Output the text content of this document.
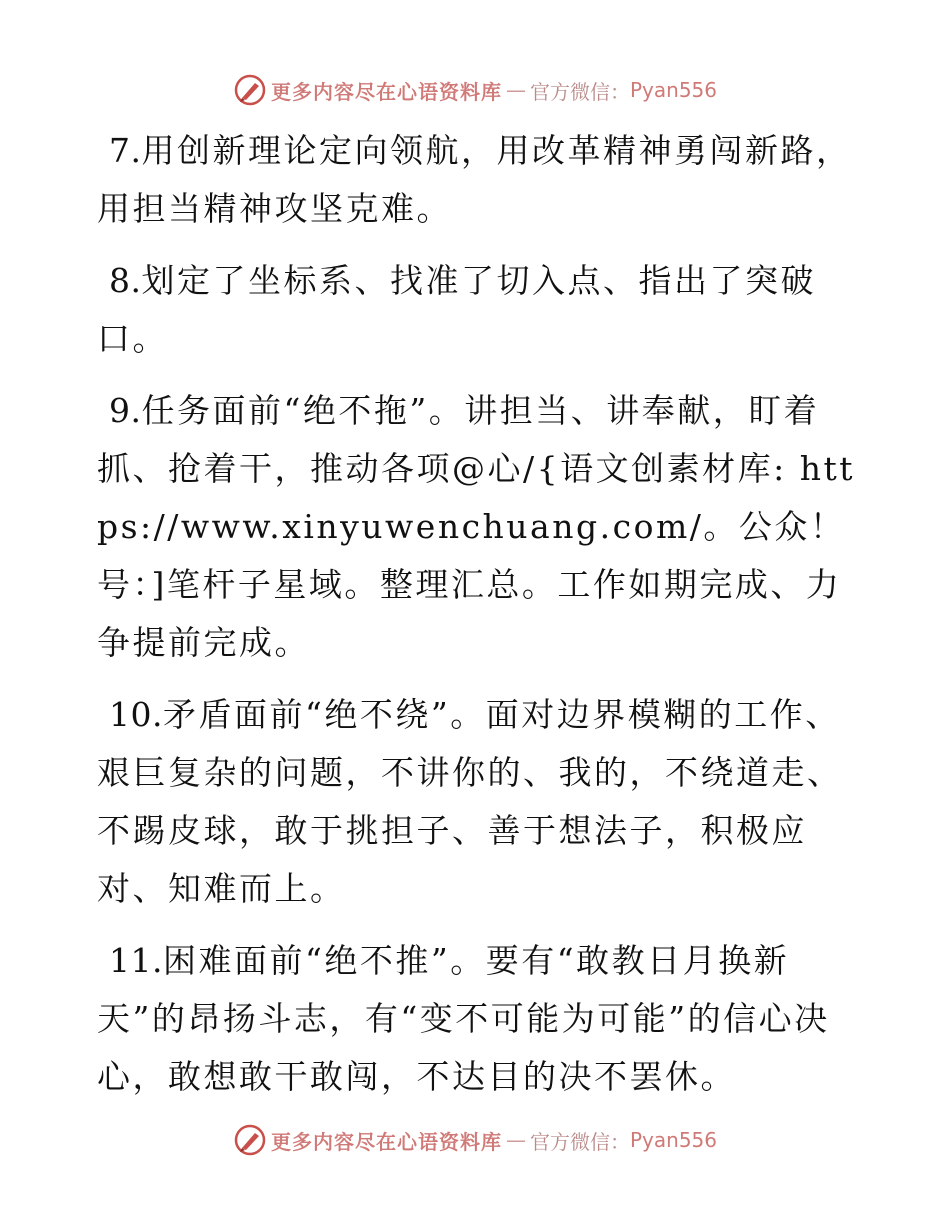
更多内容尽在心语资料库 — 官方微信： Pyan556

7.用创新理论定向领航，用改革精神勇闯新路，用担当精神攻坚克难。

8.划定了坐标系、找准了切入点、指出了突破口。

9.任务面前“绝不拖”。讲担当、讲奉献，盯着抓、抢着干，推动各项@心/{语文创素材库: https://www.xinyuwenchuang.com/。公众！号：]笔杆子星域。整理汇总。工作如期完成、力争提前完成。

10.矛盾面前“绝不绕”。面对边界模糊的工作、艰巨复杂的问题，不讲你的、我的，不绕道走、不踢皮球，敢于挑担子、善于想法子，积极应对、知难而上。

11.困难面前“绝不推”。要有“敢教日月换新天”的昂扬斗志，有“变不可能为可能”的信心决心，敢想敢干敢闯，不达目的决不罢休。

更多内容尽在心语资料库 — 官方微信： Pyan556
